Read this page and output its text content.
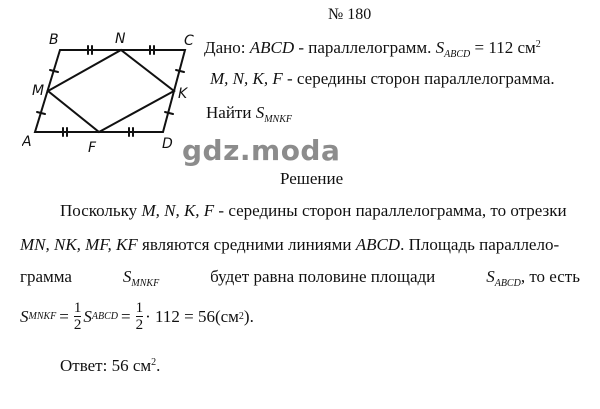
B	N	C
M	K
A	F	D
№ 180
Дано: ABCD - параллелограмм. $S_{ABCD} = 112$ $см^2$
M, N, K, F - середины сторон параллелограмма.
Найти $S_{MNKF}$
gdz.moda
Решение
Поскольку M, N, K, F - середины сторон параллелограмма, то отрезки
MN, NK, MF, KF являются средними линиями ABCD. Площадь параллело-
грамма	$S_{MNKF}$	будет равна половине площади	$S_{ABCD}$, то есть
S MNKF = $\frac{1}{2}$ S ABCD = $\frac{1}{2} \cdot 112 = 56(см$ 2 ).
Ответ: 56 $см^2$.
